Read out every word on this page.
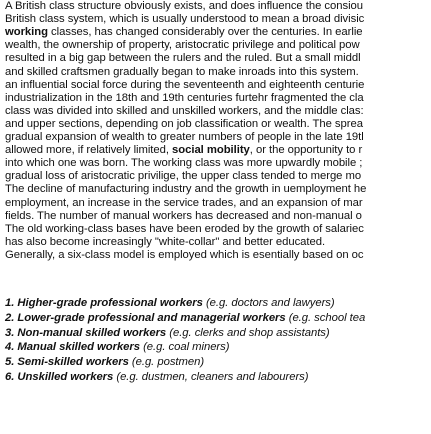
A British class structure obviously exists, and does influence the consiou
British class system, which is usually understood to mean a broad divisic
working classes, has changed considerably over the centuries. In earlie
wealth, the ownership of property, aristocratic privilege and political pow
resulted in a big gap between the rulers and the ruled. But a small middl
and skilled craftsmen gradually began to make inroads into this system.
an influential social force during the seventeenth and eighteenth centurie
industrialization in the 18th and 19th centuries furtehr fragmented the cla
class was divided into skilled and unskilled workers, and the middle clas:
and upper sections, depending on job classification or wealth. The sprea
gradual expansion of wealth to greater numbers of people in the late 19tl
allowed more, if relatively limited, social mobility, or the opportunity to r
into which one was born. The working class was more upwardly mobile ;
gradual loss of aristocratic privilige, the upper class tended to merge mo
The decline of manufacturing industry and the growth in uemployment he
employment, an increase in the service trades, and an expansion of mar
fields. The number of manual workers has decreased and non-manual o
The old working-class bases have been eroded by the growth of salariec
has also become increasingly "white-collar" and better educated.
Generally, a six-class model is employed which is esentially based on oc
1. Higher-grade professional workers (e.g. doctors and lawyers)
2. Lower-grade professional and managerial workers (e.g. school tea
3. Non-manual skilled workers (e.g. clerks and shop assistants)
4. Manual skilled workers (e.g. coal miners)
5. Semi-skilled workers (e.g. postmen)
6. Unskilled workers (e.g. dustmen, cleaners and labourers)
